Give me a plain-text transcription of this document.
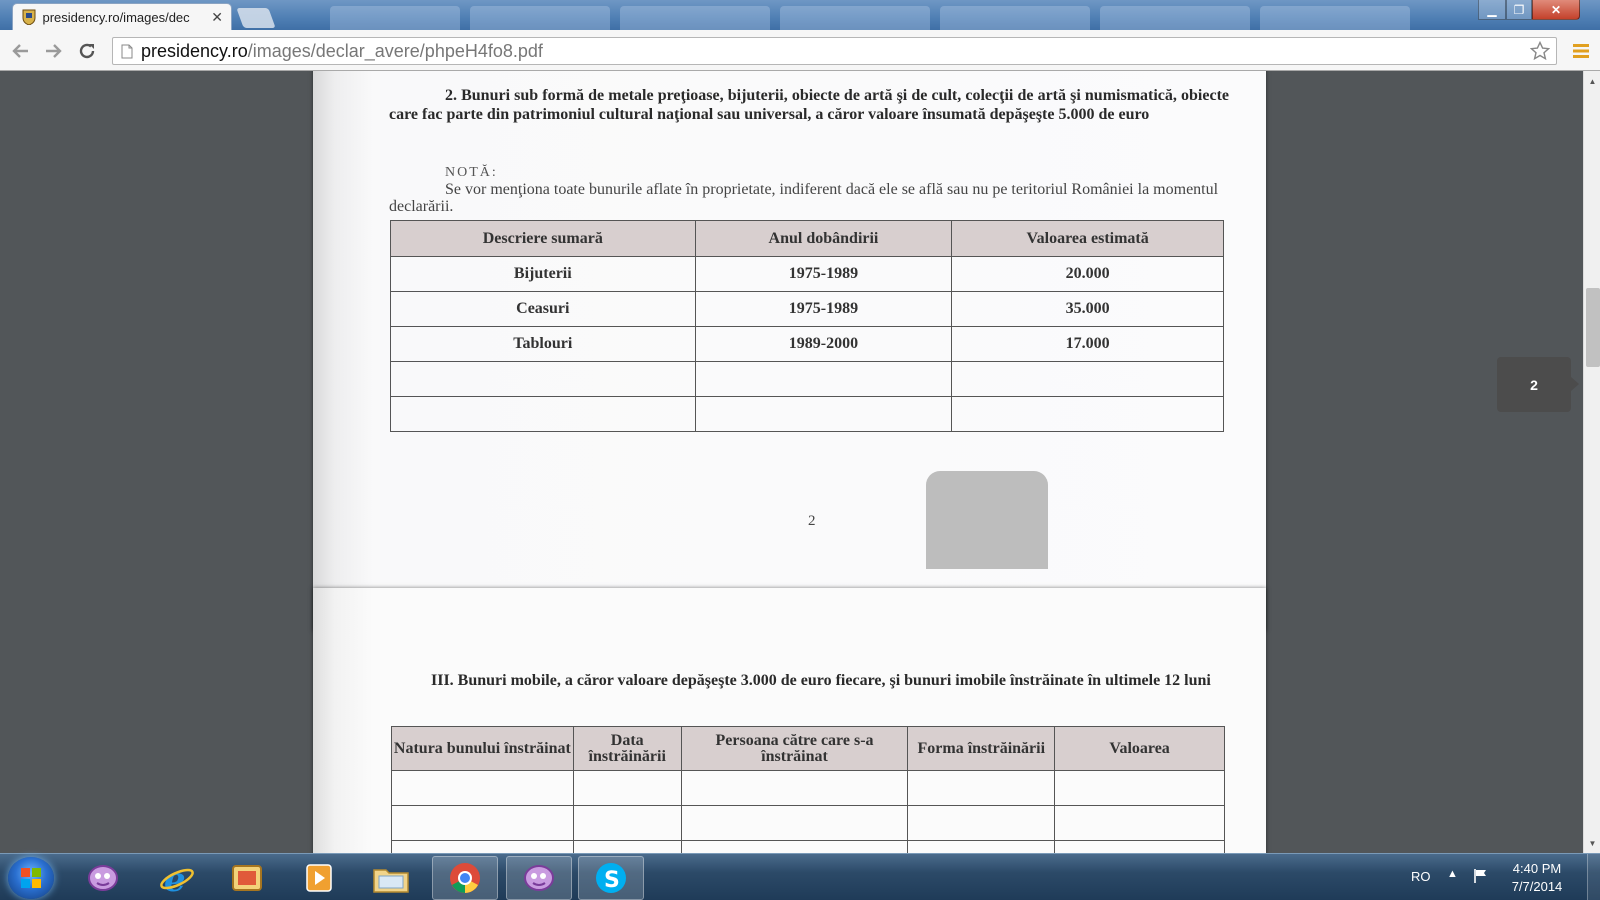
presidency.ro/images/dec	✕	▁	❐	✕
presidency.ro/images/declar_avere/phpeH4fo8.pdf
2. Bunuri sub formă de metale preţioase, bijuterii, obiecte de artă şi de cult, colecţii de artă şi numismatică, obiecte care fac parte din patrimoniul cultural naţional sau universal, a căror valoare însumată depăşeşte 5.000 de euro
NOTĂ:
Se vor menţiona toate bunurile aflate în proprietate, indiferent dacă ele se află sau nu pe teritoriul României la momentul declarării.
Descriere sumară	Anul dobândirii	Valoarea estimată
Bijuterii	1975-1989	20.000
Ceasuri	1975-1989	35.000
Tablouri	1989-2000	17.000

2
III. Bunuri mobile, a căror valoare depăşeşte 3.000 de euro fiecare, şi bunuri imobile înstrăinate în ultimele 12 luni
Natura bunului înstrăinat	Data înstrăinării	Persoana către care s-a înstrăinat	Forma înstrăinării	Valoarea

2
▲
▼
e	S	RO ▲	4:40 PM
7/7/2014
